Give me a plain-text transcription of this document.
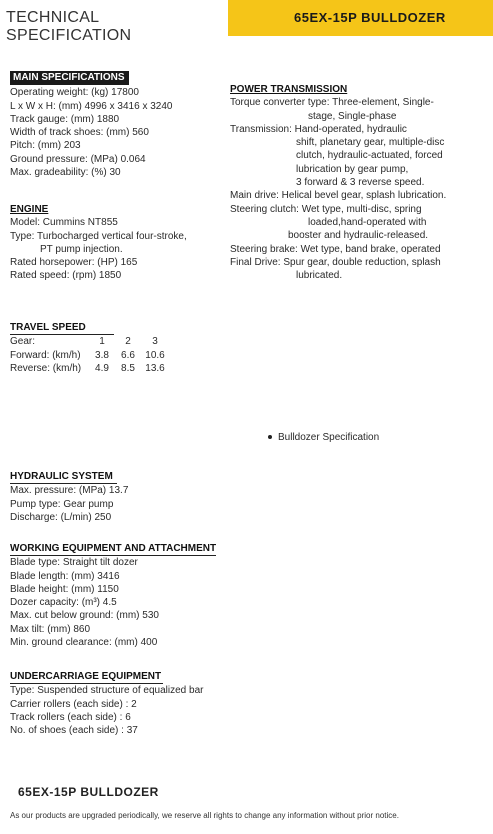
TECHNICAL SPECIFICATION
65EX-15P BULLDOZER
MAIN SPECIFICATIONS
Operating weight: (kg) 17800
L x W x H: (mm) 4996 x 3416 x 3240
Track gauge: (mm) 1880
Width of track shoes: (mm) 560
Pitch: (mm) 203
Ground pressure: (MPa) 0.064
Max. gradeability: (%) 30
ENGINE
Model: Cummins NT855
Type: Turbocharged vertical four-stroke,
PT pump injection.
Rated horsepower: (HP) 165
Rated speed: (rpm) 1850
TRAVEL SPEED
Gear:	1	2	3
Forward: (km/h)	3.8	6.6	10.6
Reverse: (km/h)	4.9	8.5	13.6
POWER TRANSMISSION
Torque converter type: Three-element, Single-
stage, Single-phase
Transmission: Hand-operated, hydraulic
shift, planetary gear, multiple-disc
clutch, hydraulic-actuated, forced
lubrication by gear pump,
3 forward & 3 reverse speed.
Main drive: Helical bevel gear, splash lubrication.
Steering clutch: Wet type, multi-disc, spring
loaded,hand-operated with
booster and hydraulic-released.
Steering brake: Wet type, band brake, operated
Final Drive: Spur gear, double reduction, splash
lubricated.
Bulldozer Specification
HYDRAULIC SYSTEM
Max. pressure: (MPa) 13.7
Pump type: Gear pump
Discharge: (L/min) 250
WORKING EQUIPMENT AND ATTACHMENT
Blade type: Straight tilt dozer
Blade length: (mm) 3416
Blade height: (mm) 1150
Dozer capacity: (m³) 4.5
Max. cut below ground: (mm) 530
Max tilt: (mm) 860
Min. ground clearance: (mm) 400
UNDERCARRIAGE EQUIPMENT
Type: Suspended structure of equalized bar
Carrier rollers (each side) : 2
Track rollers (each side) : 6
No. of shoes (each side) : 37
65EX-15P BULLDOZER
As our products are upgraded periodically, we reserve all rights to change any information without prior notice.
